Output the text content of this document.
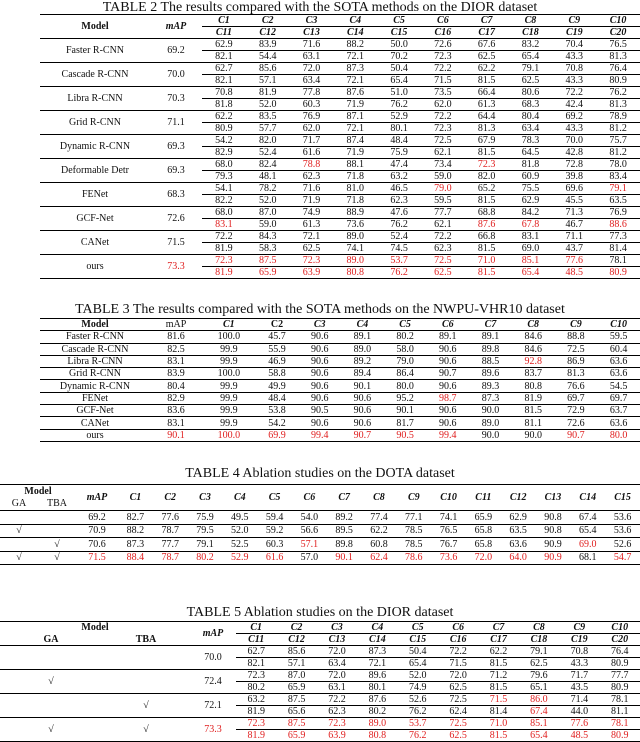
TABLE 2 The results compared with the SOTA methods on the DIOR dataset
Model	mAP	C1	C2	C3	C4	C5	C6	C7	C8	C9	C10
		C11	C12	C13	C14	C15	C16	C17	C18	C19	C20
Faster R-CNN	69.2	62.9	83.9	71.6	88.2	50.0	72.6	67.6	83.2	70.4	76.5
		82.1	54.4	63.1	72.1	70.2	72.3	62.5	65.4	43.3	81.3
Cascade R-CNN	70.0	62.7	85.6	72.0	87.3	50.4	72.2	62.2	79.1	70.8	76.4
		82.1	57.1	63.4	72.1	65.4	71.5	81.5	62.5	43.3	80.9
Libra R-CNN	70.3	70.8	81.9	77.8	87.6	51.0	73.5	66.4	80.6	72.2	76.2
		81.8	52.0	60.3	71.9	76.2	62.0	61.3	68.3	42.4	81.3
Grid R-CNN	71.1	62.2	83.5	76.9	87.1	52.9	72.2	64.4	80.4	69.2	78.9
		80.9	57.7	62.0	72.1	80.1	72.3	81.3	63.4	43.3	81.2
Dynamic R-CNN	69.3	54.2	82.0	71.7	87.4	48.4	72.5	67.9	78.3	70.0	75.7
		82.9	52.4	61.6	71.9	75.9	62.1	81.5	64.5	42.8	81.2
Deformable Detr	69.3	68.0	82.4	78.8	88.1	47.4	73.4	72.3	81.8	72.8	78.0
		79.3	48.1	62.3	71.8	63.2	59.0	82.0	60.9	39.8	83.4
FENet	68.3	54.1	78.2	71.6	81.0	46.5	79.0	65.2	75.5	69.6	79.1
		82.2	52.0	71.9	71.8	62.3	59.5	81.5	62.9	45.5	63.5
GCF-Net	72.6	68.0	87.0	74.9	88.9	47.6	77.7	68.8	84.2	71.3	76.9
		83.1	59.0	61.3	73.6	76.2	62.1	87.6	67.8	46.7	88.6
CANet	71.5	72.2	84.3	72.1	89.0	52.4	72.2	66.8	83.1	71.1	77.3
		81.9	58.3	62.5	74.1	74.5	62.3	81.5	69.0	43.7	81.4
ours	73.3	72.3	87.5	72.3	89.0	53.7	72.5	71.0	85.1	77.6	78.1
		81.9	65.9	63.9	80.8	76.2	62.5	81.5	65.4	48.5	80.9
TABLE 3 The results compared with the SOTA methods on the NWPU-VHR10 dataset
Model	mAP	C1	C2	C3	C4	C5	C6	C7	C8	C9	C10
Faster R-CNN	81.6	100.0	45.7	90.6	89.1	80.2	89.1	89.1	84.6	88.8	59.5
Cascade R-CNN	82.5	99.9	55.9	90.6	89.0	58.0	90.6	89.8	84.6	72.5	60.4
Libra R-CNN	83.1	99.9	46.9	90.6	89.2	79.0	90.6	88.5	92.8	86.9	63.6
Grid R-CNN	83.9	100.0	58.8	90.6	89.4	86.4	90.7	89.6	83.7	81.3	63.6
Dynamic R-CNN	80.4	99.9	49.9	90.6	90.1	80.0	90.6	89.3	80.8	76.6	54.5
FENet	82.9	99.9	48.4	90.6	90.6	95.2	98.7	87.3	81.9	69.7	69.7
GCF-Net	83.6	99.9	53.8	90.5	90.6	90.1	90.6	90.0	81.5	72.9	63.7
CANet	83.1	99.9	54.2	90.6	90.6	81.7	90.6	89.0	81.1	72.6	63.6
ours	90.1	100.0	69.9	99.4	90.7	90.5	99.4	90.0	90.0	90.7	80.0
TABLE 4 Ablation studies on the DOTA dataset
Model		mAP	C1	C2	C3	C4	C5	C6	C7	C8	C9	C10	C11	C12	C13	C14	C15
GA	TBA																
		69.2	82.7	77.6	75.9	49.5	59.4	54.0	89.2	77.4	77.1	74.1	65.9	62.9	90.8	67.4	53.6
√		70.9	88.2	78.7	79.5	52.0	59.2	56.6	89.5	62.2	78.5	76.5	65.8	63.5	90.8	65.4	53.6
	√	70.6	87.3	77.7	79.1	52.5	60.3	57.1	89.8	60.8	78.5	76.7	65.8	63.6	90.9	69.0	52.6
√	√	71.5	88.4	78.7	80.2	52.9	61.6	57.0	90.1	62.4	78.6	73.6	72.0	64.0	90.9	68.1	54.7
TABLE 5 Ablation studies on the DIOR dataset
Model		mAP	C1	C2	C3	C4	C5	C6	C7	C8	C9	C10
GA	TBA		C11	C12	C13	C14	C15	C16	C17	C18	C19	C20
		70.0	62.7	85.6	72.0	87.3	50.4	72.2	62.2	79.1	70.8	76.4
			82.1	57.1	63.4	72.1	65.4	71.5	81.5	62.5	43.3	80.9
√		72.4	72.3	87.0	72.0	89.6	52.0	72.0	71.2	79.6	71.7	77.7
			80.2	65.9	63.1	80.1	74.9	62.5	81.5	65.1	43.5	80.9
	√	72.1	63.2	87.5	72.2	87.6	52.6	72.5	71.5	86.0	71.4	78.1
			81.9	65.6	62.3	80.2	76.2	62.4	81.4	67.4	44.0	81.1
√	√	73.3	72.3	87.5	72.3	89.0	53.7	72.5	71.0	85.1	77.6	78.1
			81.9	65.9	63.9	80.8	76.2	62.5	81.5	65.4	48.5	80.9
